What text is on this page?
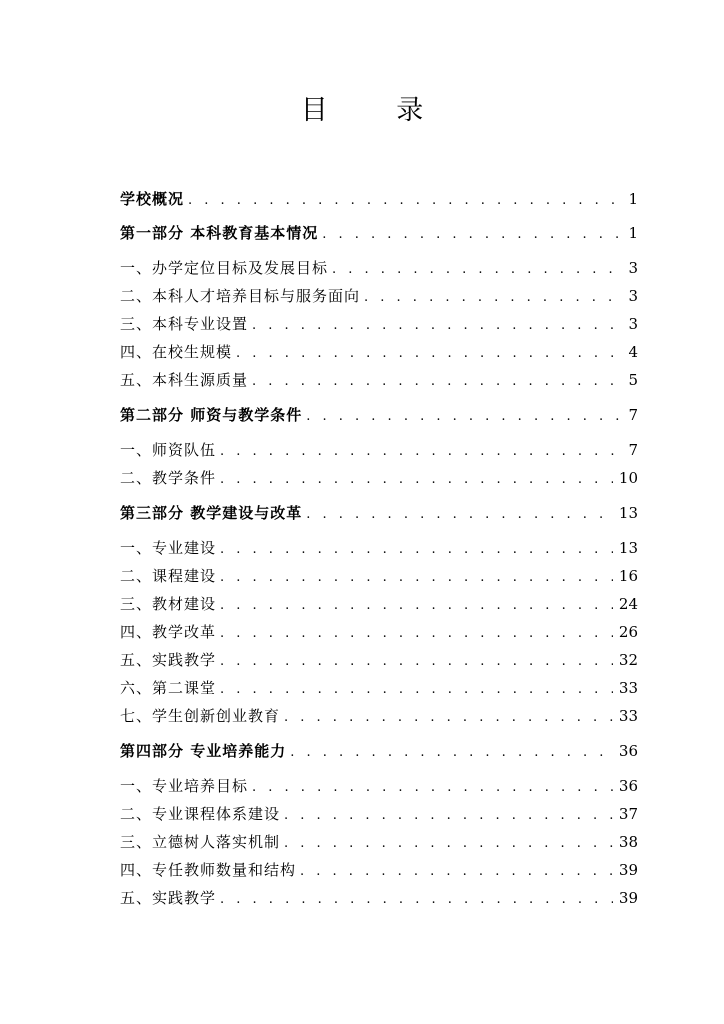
目 录
学校概况 . . .	1
第一部分 本科教育基本情况 . . .	1
一、办学定位目标及发展目标 . . .	3
二、本科人才培养目标与服务面向 . . .	3
三、本科专业设置 . . .	3
四、在校生规模 . . .	4
五、本科生源质量 . . .	5
第二部分 师资与教学条件 . . .	7
一、师资队伍 . . .	7
二、教学条件 . . .	10
第三部分 教学建设与改革 . . .	13
一、专业建设 . . .	13
二、课程建设 . . .	16
三、教材建设 . . .	24
四、教学改革 . . .	26
五、实践教学 . . .	32
六、第二课堂 . . .	33
七、学生创新创业教育 . . .	33
第四部分 专业培养能力 . . .	36
一、专业培养目标 . . .	36
二、专业课程体系建设 . . .	37
三、立德树人落实机制 . . .	38
四、专任教师数量和结构 . . .	39
五、实践教学 . . .	39
